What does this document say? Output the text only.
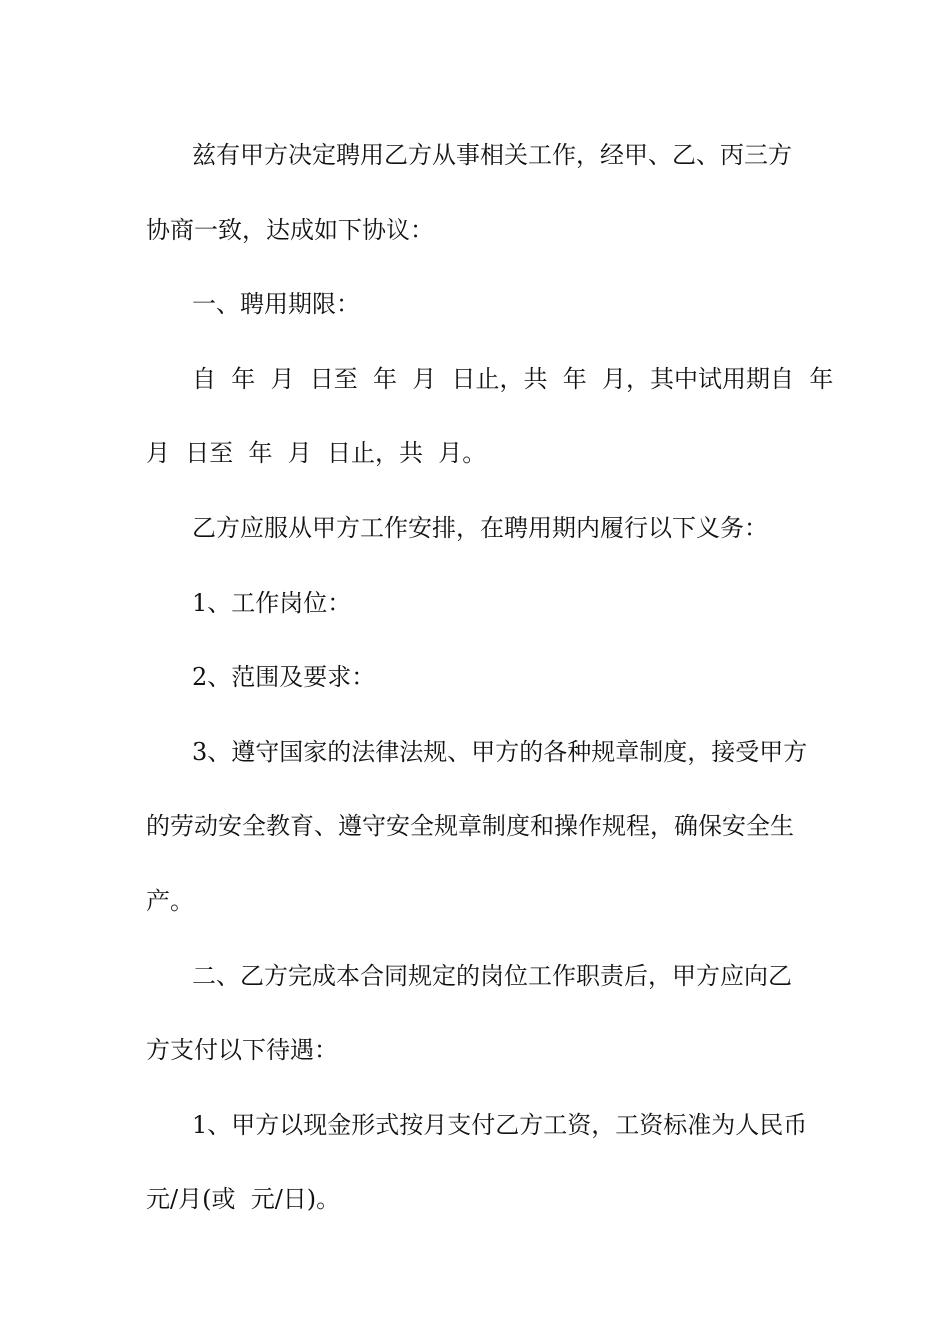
兹有甲方决定聘用乙方从事相关工作，经甲、乙、丙三方
协商一致，达成如下协议：
一、聘用期限：
自  年  月  日至  年  月  日止，共  年  月，其中试用期自  年
月  日至  年  月  日止，共  月。
乙方应服从甲方工作安排，在聘用期内履行以下义务：
1、工作岗位：
2、范围及要求：
3、遵守国家的法律法规、甲方的各种规章制度，接受甲方
的劳动安全教育、遵守安全规章制度和操作规程，确保安全生
产。
二、乙方完成本合同规定的岗位工作职责后，甲方应向乙
方支付以下待遇：
1、甲方以现金形式按月支付乙方工资，工资标准为人民币
元/月(或  元/日)。
